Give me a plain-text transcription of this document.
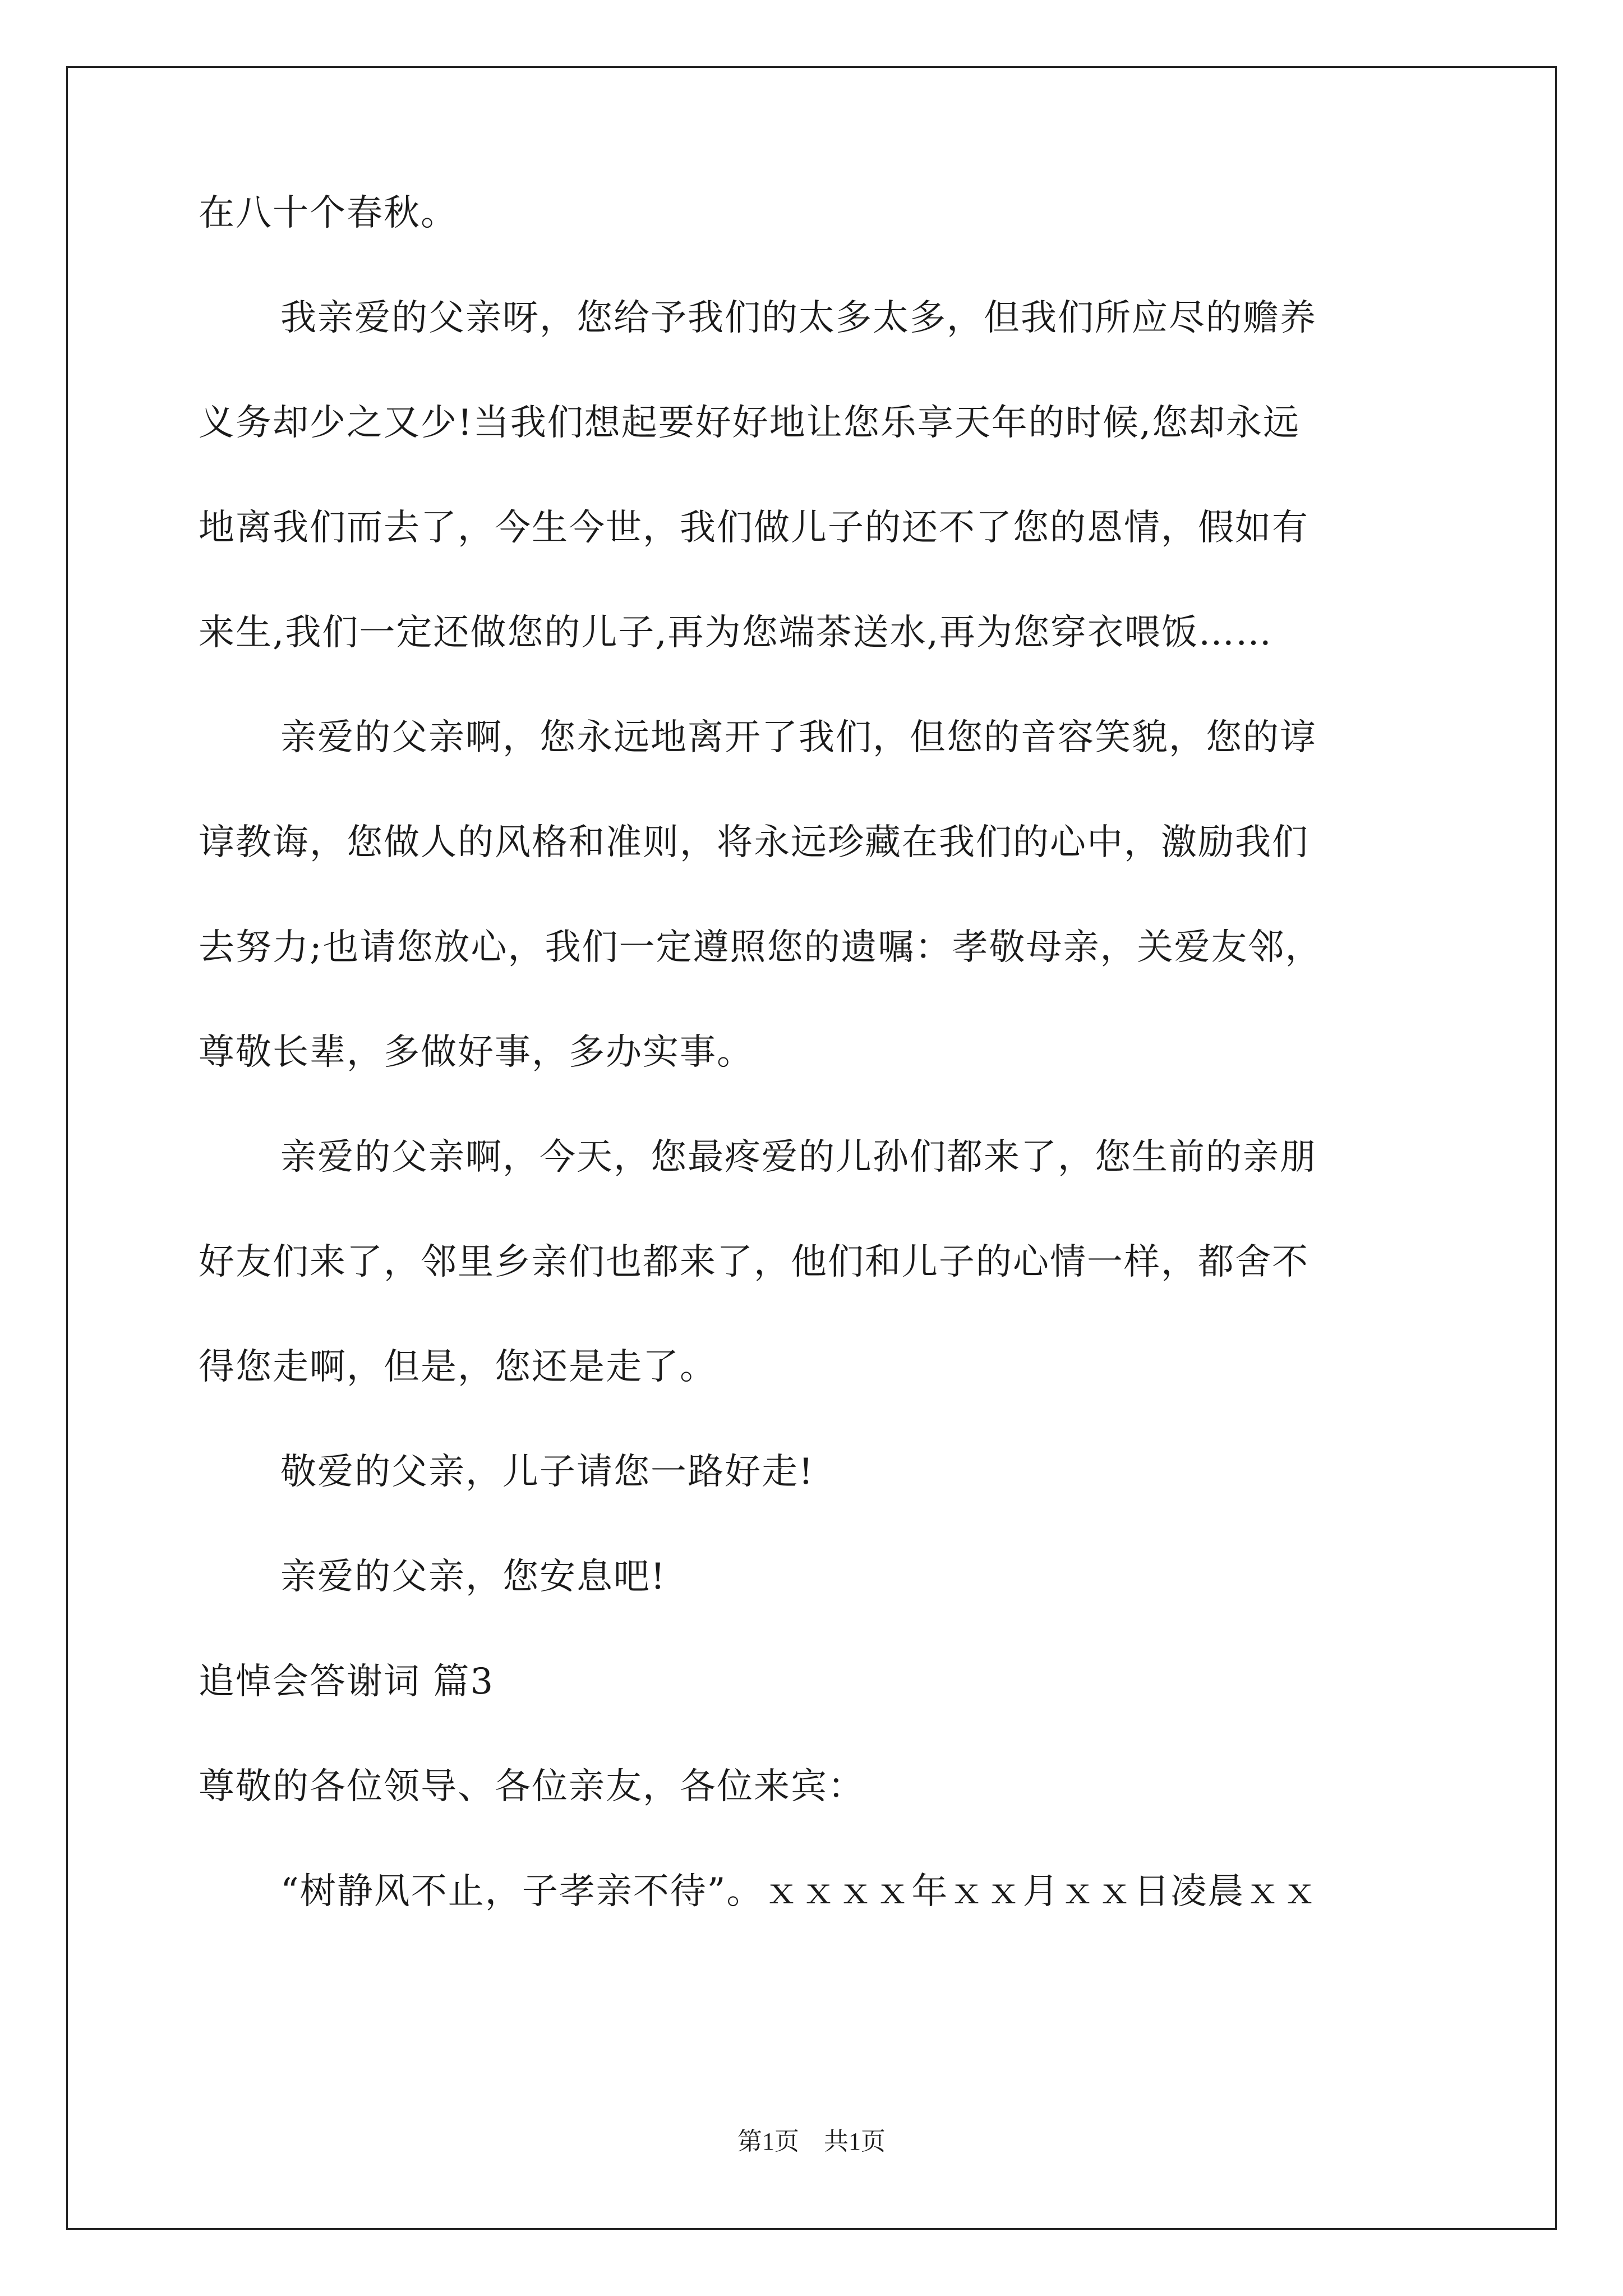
在八十个春秋。
我亲爱的父亲呀，您给予我们的太多太多，但我们所应尽的赡养
义务却少之又少!当我们想起要好好地让您乐享天年的时候,您却永远
地离我们而去了，今生今世，我们做儿子的还不了您的恩情，假如有
来生,我们一定还做您的儿子,再为您端茶送水,再为您穿衣喂饭……
亲爱的父亲啊，您永远地离开了我们，但您的音容笑貌，您的谆
谆教诲，您做人的风格和准则，将永远珍藏在我们的心中，激励我们
去努力;也请您放心，我们一定遵照您的遗嘱：孝敬母亲，关爱友邻，
尊敬长辈，多做好事，多办实事。
亲爱的父亲啊，今天，您最疼爱的儿孙们都来了，您生前的亲朋
好友们来了，邻里乡亲们也都来了，他们和儿子的心情一样，都舍不
得您走啊，但是，您还是走了。
敬爱的父亲，儿子请您一路好走!
亲爱的父亲，您安息吧!
追悼会答谢词 篇3
尊敬的各位领导、各位亲友，各位来宾：
“树静风不止，子孝亲不待”。ｘｘｘｘ年ｘｘ月ｘｘ日凌晨ｘｘ
第1页　共1页
